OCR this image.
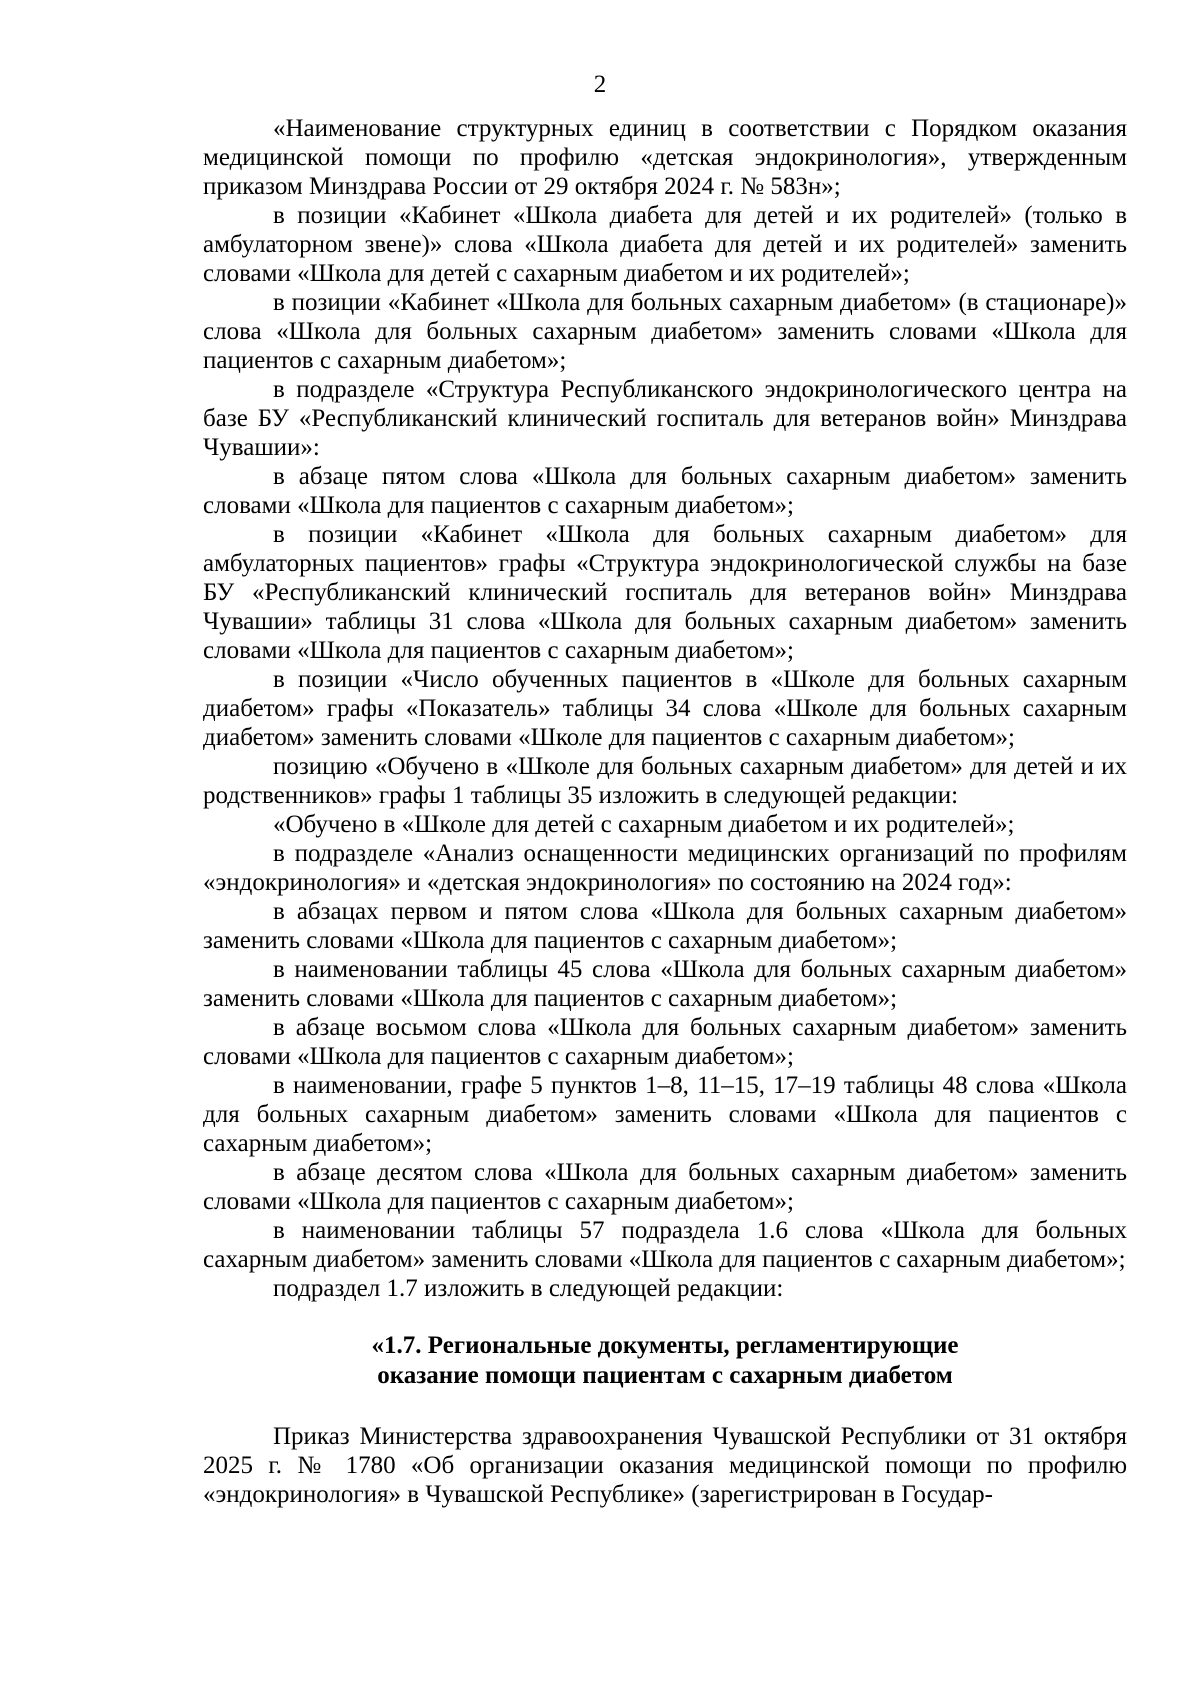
2

«Наименование структурных единиц в соответствии с Порядком оказания медицинской помощи по профилю «детская эндокринология», утвержденным приказом Минздрава России от 29 октября 2024 г. № 583н»;

в позиции «Кабинет «Школа диабета для детей и их родителей» (только в амбулаторном звене)» слова «Школа диабета для детей и их родителей» заменить словами «Школа для детей с сахарным диабетом и их родителей»;

в позиции «Кабинет «Школа для больных сахарным диабетом» (в стационаре)» слова «Школа для больных сахарным диабетом» заменить словами «Школа для пациентов с сахарным диабетом»;

в подразделе «Структура Республиканского эндокринологического центра на базе БУ «Республиканский клинический госпиталь для ветеранов войн» Минздрава Чувашии»:

в абзаце пятом слова «Школа для больных сахарным диабетом» заменить словами «Школа для пациентов с сахарным диабетом»;

в позиции «Кабинет «Школа для больных сахарным диабетом» для амбулаторных пациентов» графы «Структура эндокринологической службы на базе БУ «Республиканский клинический госпиталь для ветеранов войн» Минздрава Чувашии» таблицы 31 слова «Школа для больных сахарным диабетом» заменить словами «Школа для пациентов с сахарным диабетом»;

в позиции «Число обученных пациентов в «Школе для больных сахарным диабетом» графы «Показатель» таблицы 34 слова «Школе для больных сахарным диабетом» заменить словами «Школе для пациентов с сахарным диабетом»;

позицию «Обучено в «Школе для больных сахарным диабетом» для детей и их родственников» графы 1 таблицы 35 изложить в следующей редакции:

«Обучено в «Школе для детей с сахарным диабетом и их родителей»;

в подразделе «Анализ оснащенности медицинских организаций по профилям «эндокринология» и «детская эндокринология» по состоянию на 2024 год»:

в абзацах первом и пятом слова «Школа для больных сахарным диабетом» заменить словами «Школа для пациентов с сахарным диабетом»;

в наименовании таблицы 45 слова «Школа для больных сахарным диабетом» заменить словами «Школа для пациентов с сахарным диабетом»;

в абзаце восьмом слова «Школа для больных сахарным диабетом» заменить словами «Школа для пациентов с сахарным диабетом»;

в наименовании, графе 5 пунктов 1–8, 11–15, 17–19 таблицы 48 слова «Школа для больных сахарным диабетом» заменить словами «Школа для пациентов с сахарным диабетом»;

в абзаце десятом слова «Школа для больных сахарным диабетом» заменить словами «Школа для пациентов с сахарным диабетом»;

в наименовании таблицы 57 подраздела 1.6 слова «Школа для больных сахарным диабетом» заменить словами «Школа для пациентов с сахарным диабетом»;

подраздел 1.7 изложить в следующей редакции:

«1.7. Региональные документы, регламентирующие
оказание помощи пациентам с сахарным диабетом

Приказ Министерства здравоохранения Чувашской Республики от 31 октября 2025 г. № 1780 «Об организации оказания медицинской помощи по профилю «эндокринология» в Чувашской Республике» (зарегистрирован в Государ-
